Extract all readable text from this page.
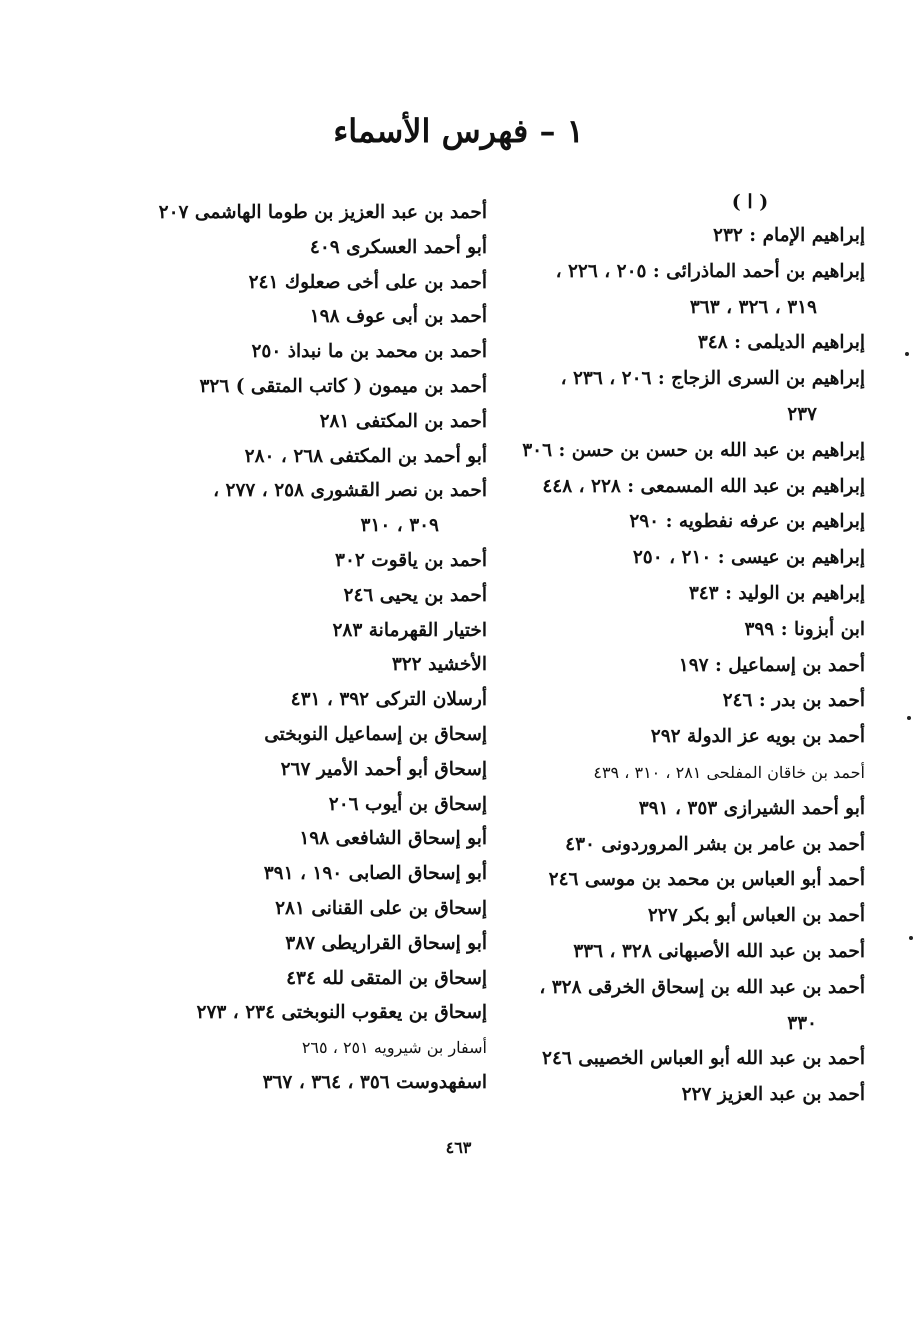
١ – فهرس الأسماء
( ا )
إبراهيم الإمام : ٢٣٢
إبراهيم بن أحمد الماذرائى : ٢٠٥ ، ٢٢٦ ،
٣١٩ ، ٣٢٦ ، ٣٦٣
إبراهيم الديلمى : ٣٤٨
إبراهيم بن السرى الزجاج : ٢٠٦ ، ٢٣٦ ،
٢٣٧
إبراهيم بن عبد الله بن حسن بن حسن : ٣٠٦
إبراهيم بن عبد الله المسمعى : ٢٢٨ ، ٤٤٨
إبراهيم بن عرفه نفطويه : ٢٩٠
إبراهيم بن عيسى : ٢١٠ ، ٢٥٠
إبراهيم بن الوليد : ٣٤٣
ابن أبزونا : ٣٩٩
أحمد بن إسماعيل : ١٩٧
أحمد بن بدر : ٢٤٦
أحمد بن بويه عز الدولة ٢٩٢
أحمد بن خاقان المفلحى ٢٨١ ، ٣١٠ ، ٤٣٩
أبو أحمد الشيرازى ٣٥٣ ، ٣٩١
أحمد بن عامر بن بشر المروردونى ٤٣٠
أحمد أبو العباس بن محمد بن موسى ٢٤٦
أحمد بن العباس أبو بكر ٢٢٧
أحمد بن عبد الله الأصبهانى ٣٢٨ ، ٣٣٦
أحمد بن عبد الله بن إسحاق الخرقى ٣٢٨ ،
٣٣٠
أحمد بن عبد الله أبو العباس الخصيبى ٢٤٦
أحمد بن عبد العزيز ٢٢٧
أحمد بن عبد العزيز بن طوما الهاشمى ٢٠٧
أبو أحمد العسكرى ٤٠٩
أحمد بن على أخى صعلوك ٢٤١
أحمد بن أبى عوف ١٩٨
أحمد بن محمد بن ما نبداذ ٢٥٠
أحمد بن ميمون ( كاتب المتقى ) ٣٢٦
أحمد بن المكتفى ٢٨١
أبو أحمد بن المكتفى ٢٦٨ ، ٢٨٠
أحمد بن نصر القشورى ٢٥٨ ، ٢٧٧ ،
٣٠٩ ، ٣١٠
أحمد بن ياقوت ٣٠٢
أحمد بن يحيى ٢٤٦
اختيار القهرمانة ٢٨٣
الأخشيد ٣٢٢
أرسلان التركى ٣٩٢ ، ٤٣١
إسحاق بن إسماعيل النوبختى
إسحاق أبو أحمد الأمير ٢٦٧
إسحاق بن أيوب ٢٠٦
أبو إسحاق الشافعى ١٩٨
أبو إسحاق الصابى ١٩٠ ، ٣٩١
إسحاق بن على القنانى ٢٨١
أبو إسحاق القراريطى ٣٨٧
إسحاق بن المتقى لله ٤٣٤
إسحاق بن يعقوب النوبختى ٢٣٤ ، ٢٧٣
أسفار بن شيرويه ٢٥١ ، ٢٦٥
اسفهدوست ٣٥٦ ، ٣٦٤ ، ٣٦٧
٤٦٣
